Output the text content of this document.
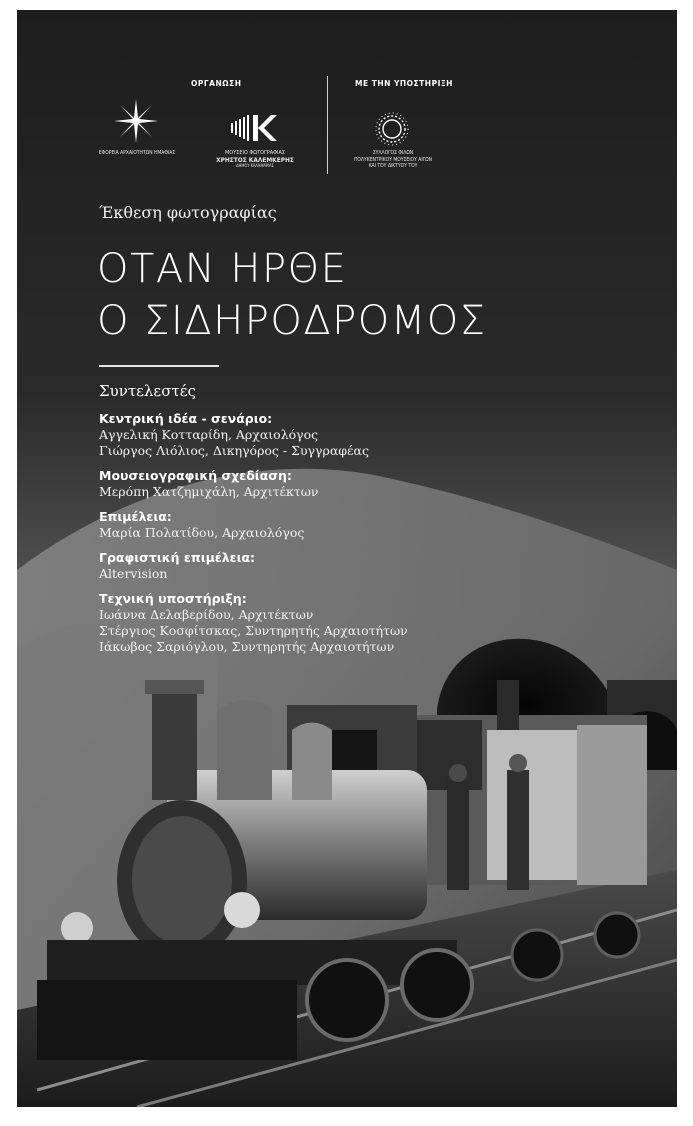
ΟΡΓΑΝΩΣΗ	ΜΕ ΤΗΝ ΥΠΟΣΤΗΡΙΞΗ
ΕΦΟΡΕΙΑ ΑΡΧΑΙΟΤΗΤΩΝ ΗΜΑΘΙΑΣ	ΜΟΥΣΕΙΟ ΦΩΤΟΓΡΑΦΙΑΣ
ΧΡΗΣΤΟΣ ΚΑΛΕΜΚΕΡΗΣ
ΔΗΜΟΥ ΚΑΛΑΜΑΡΙΑΣ
ΣΥΛΛΟΓΟΣ ΦΙΛΩΝ
ΠΟΛΥΚΕΝΤΡΙΚΟΥ ΜΟΥΣΕΙΟΥ ΑΙΓΩΝ
ΚΑΙ ΤΟΥ ΔΙΚΤΥΟΥ ΤΟΥ
Έκθεση φωτογραφίας
ΟΤΑΝ ΗΡΘΕ
Ο ΣΙΔΗΡΟΔΡΟΜΟΣ
Συντελεστές
Κεντρική ιδέα - σενάριο:
Αγγελική Κοτταρίδη, Αρχαιολόγος
Γιώργος Λιόλιος, Δικηγόρος - Συγγραφέας
Μουσειογραφική σχεδίαση:
Μερόπη Χατζημιχάλη, Αρχιτέκτων
Επιμέλεια:
Μαρία Πολατίδου, Αρχαιολόγος
Γραφιστική επιμέλεια:
Altervision
Τεχνική υποστήριξη:
Ιωάννα Δελαβερίδου, Αρχιτέκτων
Στέργιος Κοσφίτσκας, Συντηρητής Αρχαιοτήτων
Ιάκωβος Σαριόγλου, Συντηρητής Αρχαιοτήτων
